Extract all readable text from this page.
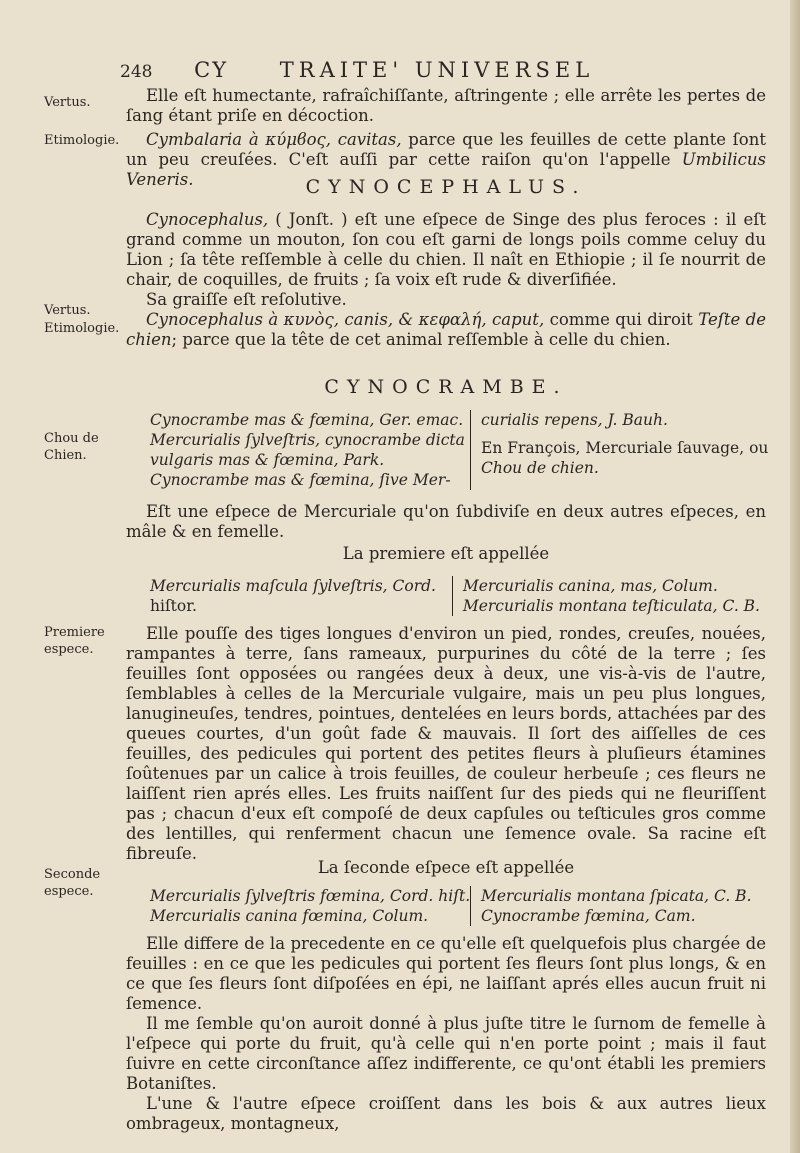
248 CY TRAITE' UNIVERSEL
Vertus.
Etimologie.
Vertus.
Etimologie.
Chou de Chien.
Premiere espece.
Seconde espece.

Elle eſt humectante, rafraîchiſſante, aſtringente ; elle arrête les pertes de ſang étant priſe en décoction.

Cymbalaria à κύμϐος, cavitas, parce que les feuilles de cette plante ſont un peu creuſées. C'eſt auſſi par cette raiſon qu'on l'appelle Umbilicus Veneris.	CYNOCEPHALUS.

Cynocephalus, ( Jonſt. ) eſt une eſpece de Singe des plus feroces : il eſt grand comme un mouton, ſon cou eſt garni de longs poils comme celuy du Lion ; ſa tête reſſemble à celle du chien. Il naît en Ethiopie ; il ſe nourrit de chair, de coquilles, de fruits ; ſa voix eſt rude & diverſifiée.

Sa graiſſe eſt reſolutive.

Cynocephalus à κυνὸς, canis, & κεφαλή, caput, comme qui diroit Teſte de chien; parce que la tête de cet animal reſſemble à celle du chien.

CYNOCRAMBE.
Cynocrambe mas & fœmina, Ger. emac.
Mercurialis ſylveſtris, cynocrambe dicta
vulgaris mas & fœmina, Park.
Cynocrambe mas & fœmina, ſive Mer-
curialis repens, J. Bauh.
En François, Mercuriale ſauvage, ou
Chou de chien.

Eſt une eſpece de Mercuriale qu'on ſubdiviſe en deux autres eſpeces, en mâle & en femelle.

La premiere eſt appellée
Mercurialis maſcula ſylveſtris, Cord.
hiſtor.
Mercurialis canina, mas, Colum.
Mercurialis montana teſticulata, C. B.

Elle pouſſe des tiges longues d'environ un pied, rondes, creuſes, nouées, rampantes à terre, ſans rameaux, purpurines du côté de la terre ; ſes feuilles ſont opposées ou rangées deux à deux, une vis-à-vis de l'autre, ſemblables à celles de la Mercuriale vulgaire, mais un peu plus longues, lanugineuſes, tendres, pointues, dentelées en leurs bords, attachées par des queues courtes, d'un goût fade & mauvais. Il ſort des aiſſelles de ces feuilles, des pedicules qui portent des petites fleurs à pluſieurs étamines ſoûtenues par un calice à trois feuilles, de couleur herbeuſe ; ces fleurs ne laiſſent rien aprés elles. Les fruits naiſſent ſur des pieds qui ne fleuriſſent pas ; chacun d'eux eſt compoſé de deux capſules ou teſticules gros comme des lentilles, qui renferment chacun une ſemence ovale. Sa racine eſt fibreuſe.

La ſeconde eſpece eſt appellée
Mercurialis ſylveſtris fœmina, Cord. hiſt.
Mercurialis canina fœmina, Colum.
Mercurialis montana ſpicata, C. B.
Cynocrambe fœmina, Cam.

Elle differe de la precedente en ce qu'elle eſt quelquefois plus chargée de feuilles : en ce que les pedicules qui portent ſes fleurs ſont plus longs, & en ce que ſes fleurs ſont diſpoſées en épi, ne laiſſant aprés elles aucun fruit ni ſemence.

Il me ſemble qu'on auroit donné à plus juſte titre le ſurnom de femelle à l'eſpece qui porte du fruit, qu'à celle qui n'en porte point ; mais il faut ſuivre en cette circonſtance aſſez indifferente, ce qu'ont établi les premiers Botaniſtes.

L'une & l'autre eſpece croiſſent dans les bois & aux autres lieux ombrageux, montagneux,
